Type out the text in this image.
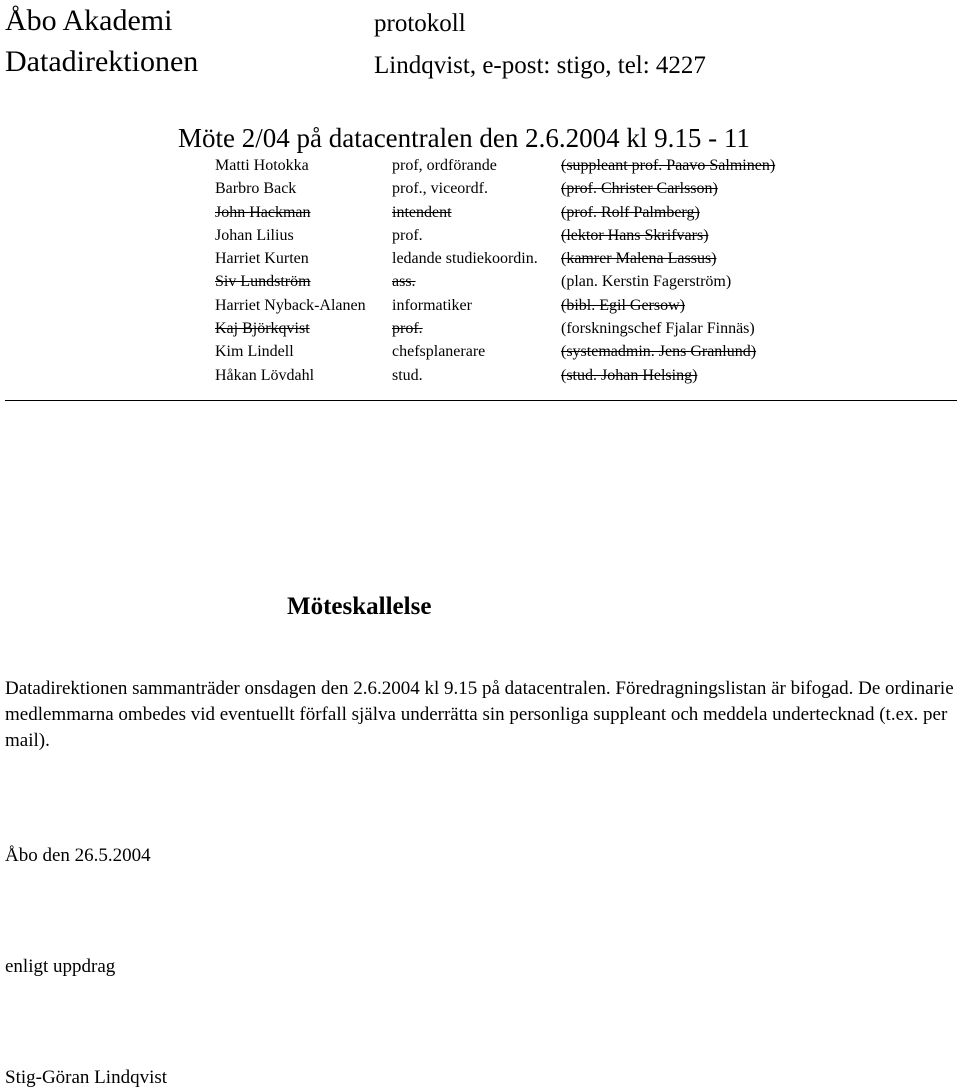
Åbo Akademi
Datadirektionen
protokoll
Lindqvist, e-post: stigo, tel: 4227
Möte 2/04 på datacentralen den 2.6.2004 kl 9.15 - 11
Matti Hotokka	prof, ordförande	(suppleant prof. Paavo Salminen)
Barbro Back	prof., viceordf.	(prof. Christer Carlsson)
John Hackman	intendent	(prof. Rolf Palmberg)
Johan Lilius	prof.	(lektor Hans Skrifvars)
Harriet Kurten	ledande studiekoordin.	(kamrer Malena Lassus)
Siv Lundström	ass.	(plan. Kerstin Fagerström)
Harriet Nyback-Alanen	informatiker	(bibl. Egil Gersow)
Kaj Björkqvist	prof.	(forskningschef Fjalar Finnäs)
Kim Lindell	chefsplanerare	(systemadmin. Jens Granlund)
Håkan Lövdahl	stud.	(stud. Johan Helsing)
Möteskallelse
Datadirektionen sammanträder onsdagen den 2.6.2004 kl 9.15 på datacentralen. Föredragningslistan är bifogad. De ordinarie medlemmarna ombedes vid eventuellt förfall själva underrätta sin personliga suppleant och meddela undertecknad (t.ex. per mail).
Åbo den 26.5.2004
enligt uppdrag
Stig-Göran Lindqvist
